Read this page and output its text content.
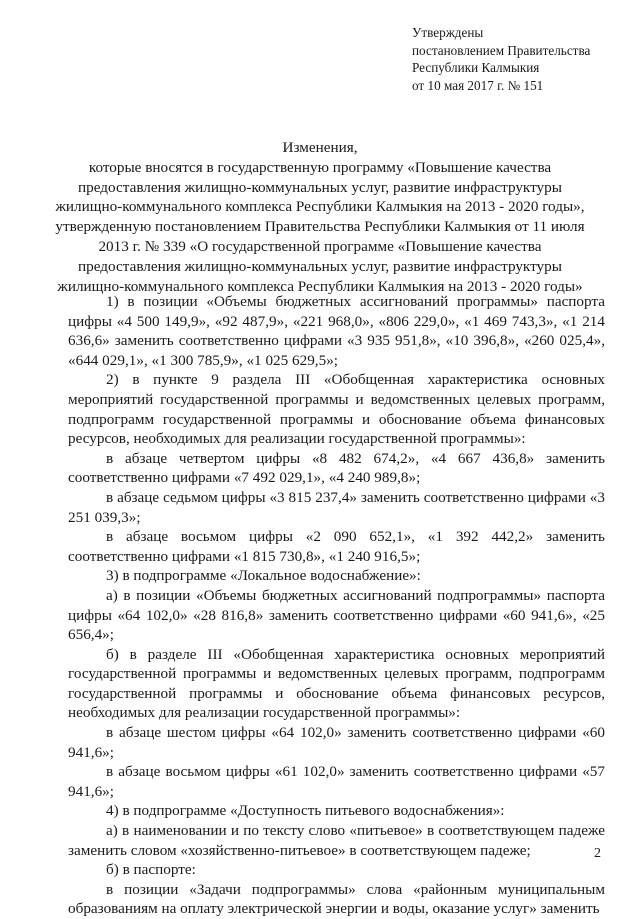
Утверждены
постановлением Правительства
Республики Калмыкия
от 10 мая 2017 г. № 151
Изменения,
которые вносятся в государственную программу «Повышение качества
предоставления жилищно-коммунальных услуг, развитие инфраструктуры
жилищно-коммунального комплекса Республики Калмыкия на 2013 - 2020 годы»,
утвержденную постановлением Правительства Республики Калмыкия от 11 июля
2013 г. № 339 «О государственной программе «Повышение качества
предоставления жилищно-коммунальных услуг, развитие инфраструктуры
жилищно-коммунального комплекса Республики Калмыкия на 2013 - 2020 годы»

1) в позиции «Объемы бюджетных ассигнований программы» паспорта цифры «4 500 149,9», «92 487,9», «221 968,0», «806 229,0», «1 469 743,3», «1 214 636,6» заменить соответственно цифрами «3 935 951,8», «10 396,8», «260 025,4», «644 029,1», «1 300 785,9», «1 025 629,5»;

2) в пункте 9 раздела III «Обобщенная характеристика основных мероприятий государственной программы и ведомственных целевых программ, подпрограмм государственной программы и обоснование объема финансовых ресурсов, необходимых для реализации государственной программы»:

в абзаце четвертом цифры «8 482 674,2», «4 667 436,8» заменить соответственно цифрами «7 492 029,1», «4 240 989,8»;

в абзаце седьмом цифры «3 815 237,4» заменить соответственно цифрами «3 251 039,3»;

в абзаце восьмом цифры «2 090 652,1», «1 392 442,2» заменить соответственно цифрами «1 815 730,8», «1 240 916,5»;

3) в подпрограмме «Локальное водоснабжение»:

а) в позиции «Объемы бюджетных ассигнований подпрограммы» паспорта цифры «64 102,0» «28 816,8» заменить соответственно цифрами «60 941,6», «25 656,4»;

б) в разделе III «Обобщенная характеристика основных мероприятий государственной программы и ведомственных целевых программ, подпрограмм государственной программы и обоснование объема финансовых ресурсов, необходимых для реализации государственной программы»:

в абзаце шестом цифры «64 102,0» заменить соответственно цифрами «60 941,6»;

в абзаце восьмом цифры «61 102,0» заменить соответственно цифрами «57 941,6»;

4) в подпрограмме «Доступность питьевого водоснабжения»:

а) в наименовании и по тексту слово «питьевое» в соответствующем падеже заменить словом «хозяйственно-питьевое» в соответствующем падеже;

б) в паспорте:

в позиции «Задачи подпрограммы» слова «районным муниципальным образованиям на оплату электрической энергии и воды, оказание услуг» заменить

2
